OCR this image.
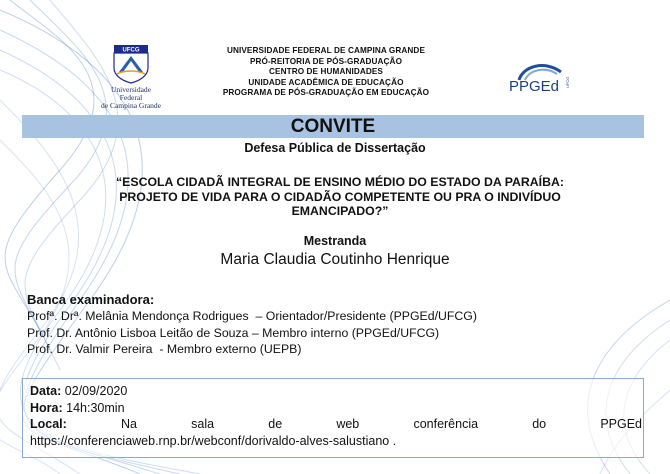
UFCG
Universidade Federal
de Campina Grande
UNIVERSIDADE FEDERAL DE CAMPINA GRANDE
PRÓ-REITORIA DE PÓS-GRADUAÇÃO
CENTRO DE HUMANIDADES
UNIDADE ACADÊMICA DE EDUCAÇÃO
PROGRAMA DE PÓS-GRADUAÇÃO EM EDUCAÇÃO	PPGEd UFCG
CONVITE
Defesa Pública de Dissertação
“ESCOLA CIDADÃ INTEGRAL DE ENSINO MÉDIO DO ESTADO DA PARAÍBA:
PROJETO DE VIDA PARA O CIDADÃO COMPETENTE OU PRA O INDIVÍDUO
EMANCIPADO?”
Mestranda
Maria Claudia Coutinho Henrique
Banca examinadora:
Profª. Drª. Melânia Mendonça Rodrigues  – Orientador/Presidente (PPGEd/UFCG)
Prof. Dr. Antônio Lisboa Leitão de Souza – Membro interno (PPGEd/UFCG)
Prof. Dr. Valmir Pereira  - Membro externo (UEPB)
Data: 02/09/2020
Hora: 14h:30min
Local:	Na	sala	de	web	conferência	do	PPGEd
https://conferenciaweb.rnp.br/webconf/dorivaldo-alves-salustiano .
